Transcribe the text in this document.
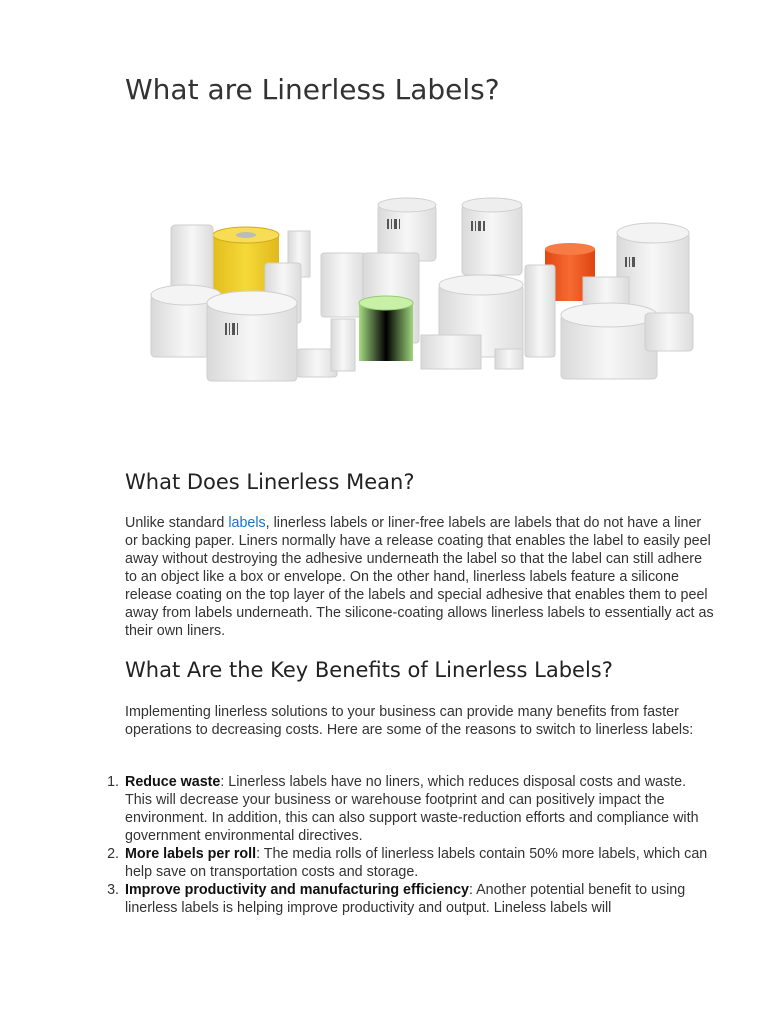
What are Linerless Labels?
What Does Linerless Mean?

Unlike standard labels, linerless labels or liner-free labels are labels that do not have a liner or backing paper. Liners normally have a release coating that enables the label to easily peel away without destroying the adhesive underneath the label so that the label can still adhere to an object like a box or envelope. On the other hand, linerless labels feature a silicone release coating on the top layer of the labels and special adhesive that enables them to peel away from labels underneath. The silicone-coating allows linerless labels to essentially act as their own liners.

What Are the Key Benefits of Linerless Labels?

Implementing linerless solutions to your business can provide many benefits from faster operations to decreasing costs. Here are some of the reasons to switch to linerless labels:

1. Reduce waste: Linerless labels have no liners, which reduces disposal costs and waste. This will decrease your business or warehouse footprint and can positively impact the environment. In addition, this can also support waste-reduction efforts and compliance with government environmental directives.
2. More labels per roll: The media rolls of linerless labels contain 50% more labels, which can help save on transportation costs and storage.
3. Improve productivity and manufacturing efficiency: Another potential benefit to using linerless labels is helping improve productivity and output. Lineless labels will
